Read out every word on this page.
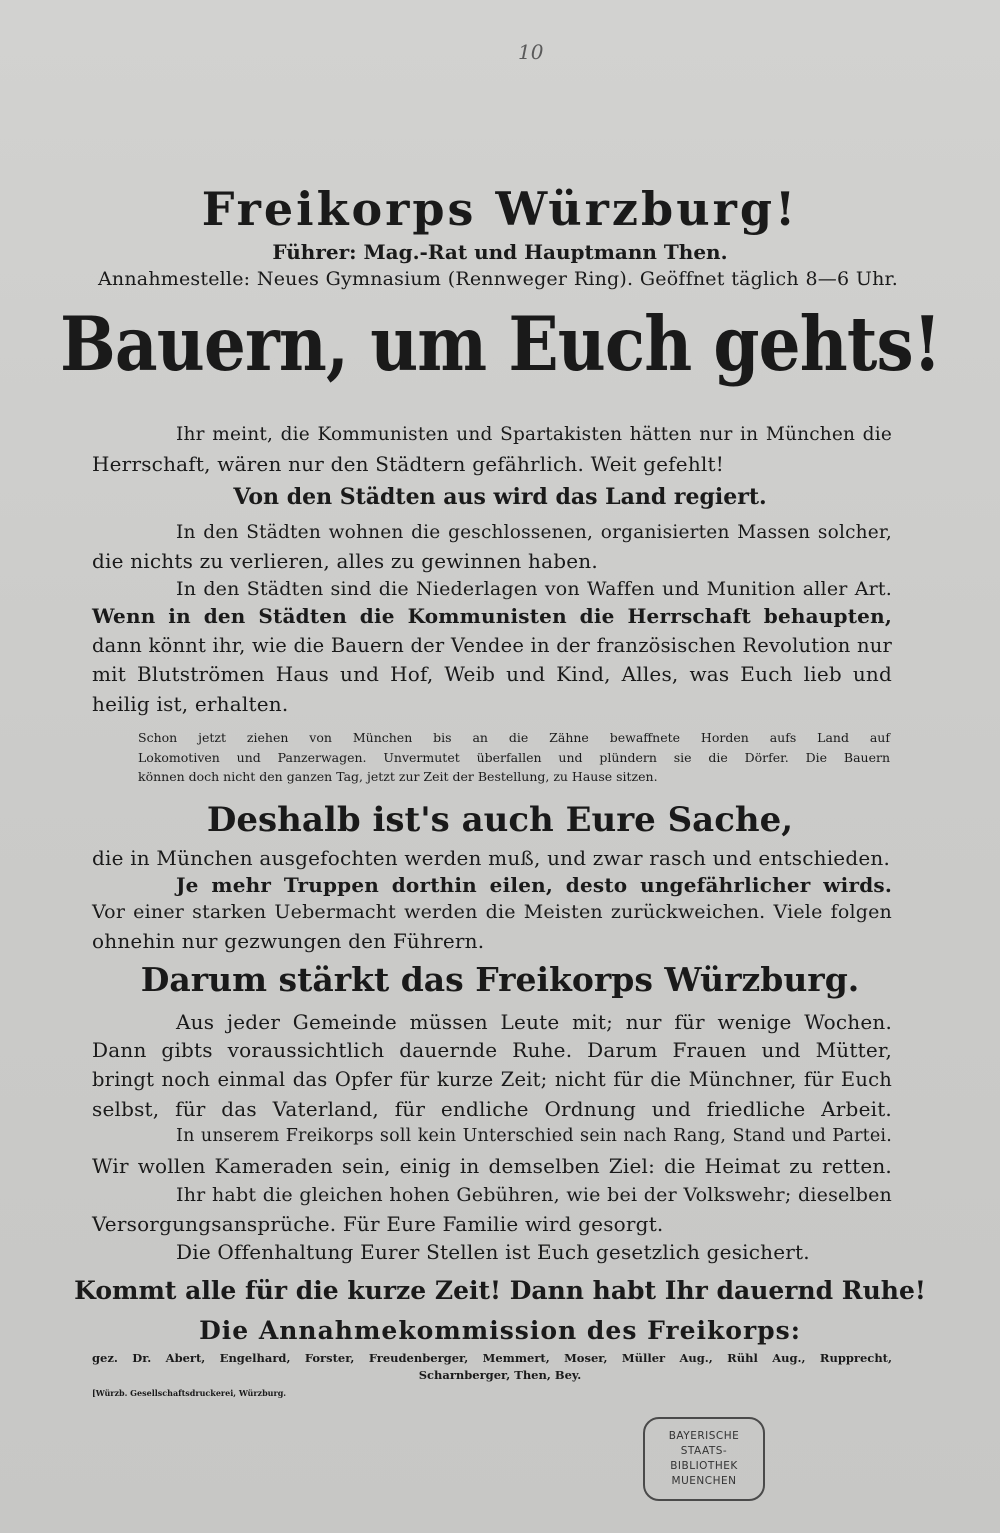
10
Freikorps Würzburg!
Führer: Mag.-Rat und Hauptmann Then.
Annahmestelle: Neues Gymnasium (Rennweger Ring). Geöffnet täglich 8—6 Uhr.
Bauern, um Euch gehts!
Ihr meint, die Kommunisten und Spartakisten hätten nur in München die
Herrschaft, wären nur den Städtern gefährlich. Weit gefehlt!
Von den Städten aus wird das Land regiert.
In den Städten wohnen die geschlossenen, organisierten Massen solcher,
die nichts zu verlieren, alles zu gewinnen haben.
In den Städten sind die Niederlagen von Waffen und Munition aller Art.
Wenn in den Städten die Kommunisten die Herrschaft behaupten,
dann könnt ihr, wie die Bauern der Vendee in der französischen Revolution nur
mit Blutströmen Haus und Hof, Weib und Kind, Alles, was Euch lieb und
heilig ist, erhalten.
Schon jetzt ziehen von München bis an die Zähne bewaffnete Horden aufs Land auf
Lokomotiven und Panzerwagen. Unvermutet überfallen und plündern sie die Dörfer. Die Bauern
können doch nicht den ganzen Tag, jetzt zur Zeit der Bestellung, zu Hause sitzen.
Deshalb ist's auch Eure Sache,
die in München ausgefochten werden muß, und zwar rasch und entschieden.
Je mehr Truppen dorthin eilen, desto ungefährlicher wirds.
Vor einer starken Uebermacht werden die Meisten zurückweichen. Viele folgen
ohnehin nur gezwungen den Führern.
Darum stärkt das Freikorps Würzburg.
Aus jeder Gemeinde müssen Leute mit; nur für wenige Wochen.
Dann gibts voraussichtlich dauernde Ruhe. Darum Frauen und Mütter,
bringt noch einmal das Opfer für kurze Zeit; nicht für die Münchner, für Euch
selbst, für das Vaterland, für endliche Ordnung und friedliche Arbeit.
In unserem Freikorps soll kein Unterschied sein nach Rang, Stand und Partei.
Wir wollen Kameraden sein, einig in demselben Ziel: die Heimat zu retten.
Ihr habt die gleichen hohen Gebühren, wie bei der Volkswehr; dieselben
Versorgungsansprüche. Für Eure Familie wird gesorgt.
Die Offenhaltung Eurer Stellen ist Euch gesetzlich gesichert.
Kommt alle für die kurze Zeit! Dann habt Ihr dauernd Ruhe!
Die Annahmekommission des Freikorps:
gez. Dr. Abert, Engelhard, Forster, Freudenberger, Memmert, Moser, Müller Aug., Rühl Aug., Rupprecht,
Scharnberger, Then, Bey.
[Würzb. Gesellschaftsdruckerei, Würzburg.
BAYERISCHE
STAATS-
BIBLIOTHEK
MUENCHEN
